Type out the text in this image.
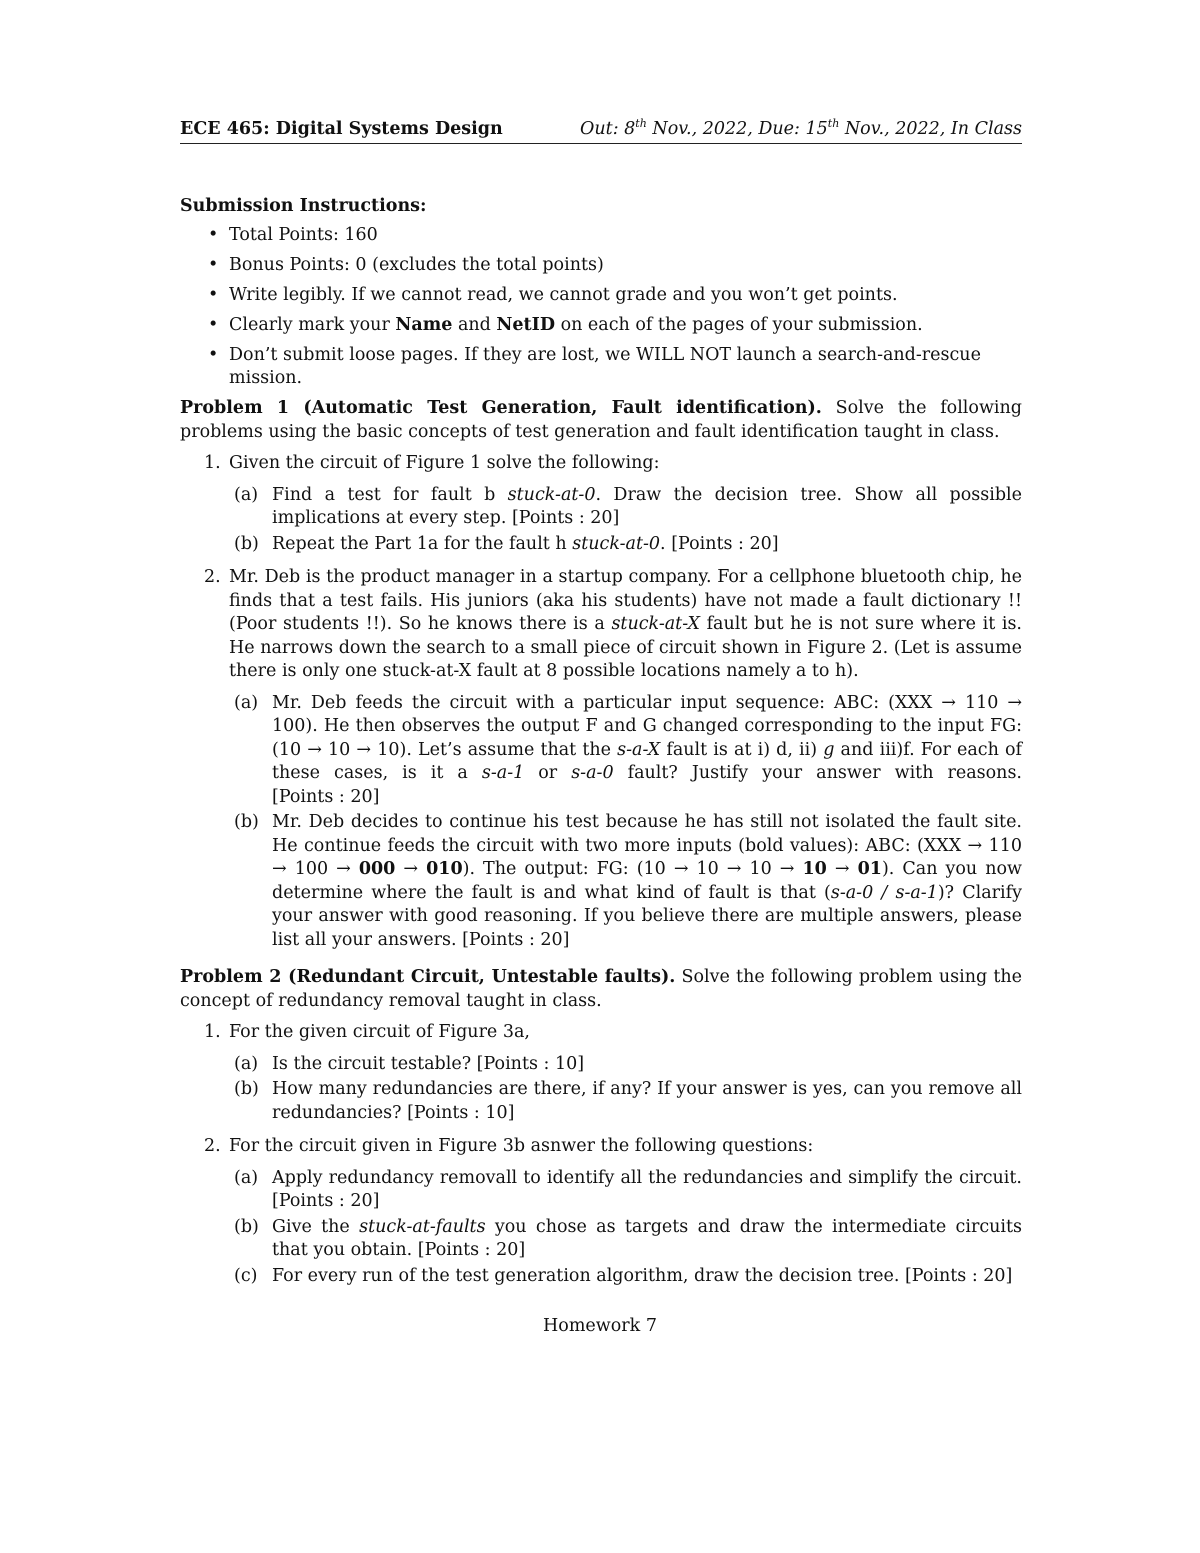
ECE 465: Digital Systems Design	Out: 8th Nov., 2022, Due: 15th Nov., 2022, In Class
Submission Instructions:
• Total Points: 160
• Bonus Points: 0 (excludes the total points)
• Write legibly. If we cannot read, we cannot grade and you won’t get points.
• Clearly mark your Name and NetID on each of the pages of your submission.
• Don’t submit loose pages. If they are lost, we WILL NOT launch a search-and-rescue mission.

Problem 1 (Automatic Test Generation, Fault identification). Solve the following problems using the basic concepts of test generation and fault identification taught in class.

1. Given the circuit of Figure 1 solve the following:
(a) Find a test for fault b stuck-at-0. Draw the decision tree. Show all possible implications at every step. [Points : 20]
(b) Repeat the Part 1a for the fault h stuck-at-0. [Points : 20]
2. Mr. Deb is the product manager in a startup company. For a cellphone bluetooth chip, he finds that a test fails. His juniors (aka his students) have not made a fault dictionary !! (Poor students !!). So he knows there is a stuck-at-X fault but he is not sure where it is. He narrows down the search to a small piece of circuit shown in Figure 2. (Let is assume there is only one stuck-at-X fault at 8 possible locations namely a to h).
(a) Mr. Deb feeds the circuit with a particular input sequence: ABC: (XXX → 110 → 100). He then observes the output F and G changed corresponding to the input FG:(10 → 10 → 10). Let’s assume that the s-a-X fault is at i) d, ii) g and iii)f. For each of these cases, is it a s-a-1 or s-a-0 fault? Justify your answer with reasons. [Points : 20]
(b) Mr. Deb decides to continue his test because he has still not isolated the fault site. He continue feeds the circuit with two more inputs (bold values): ABC: (XXX → 110 → 100 → 000 → 010). The output: FG: (10 → 10 → 10 → 10 → 01). Can you now determine where the fault is and what kind of fault is that (s-a-0 / s-a-1)? Clarify your answer with good reasoning. If you believe there are multiple answers, please list all your answers. [Points : 20]

Problem 2 (Redundant Circuit, Untestable faults). Solve the following problem using the concept of redundancy removal taught in class.

1. For the given circuit of Figure 3a,
(a) Is the circuit testable? [Points : 10]
(b) How many redundancies are there, if any? If your answer is yes, can you remove all redundancies? [Points : 10]
2. For the circuit given in Figure 3b asnwer the following questions:
(a) Apply redundancy removall to identify all the redundancies and simplify the circuit. [Points : 20]
(b) Give the stuck-at-faults you chose as targets and draw the intermediate circuits that you obtain. [Points : 20]
(c) For every run of the test generation algorithm, draw the decision tree. [Points : 20]
Homework 7
